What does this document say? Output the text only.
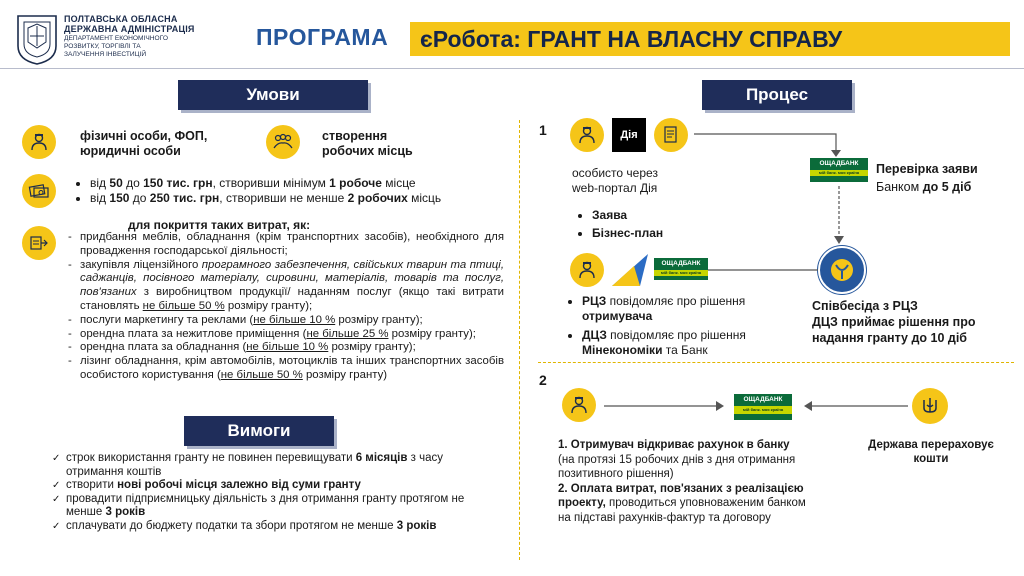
ПОЛТАВСЬКА ОБЛАСНА
ДЕРЖАВНА АДМІНІСТРАЦІЯ
ДЕПАРТАМЕНТ ЕКОНОМІЧНОГО
РОЗВИТКУ, ТОРГІВЛІ ТА
ЗАЛУЧЕННЯ ІНВЕСТИЦІЙ
ПРОГРАМА єРобота: ГРАНТ НА ВЛАСНУ СПРАВУ
Умови
фізичні особи, ФОП,
юридичні особи
створення
робочих місць
• від 50 до 150 тис. грн, створивши мінімум 1 робоче місце
• від 150 до 250 тис. грн, створивши не менше 2 робочих місць
для покриття таких витрат, як:
- придбання меблів, обладнання (крім транспортних засобів), необхідного для провадження господарської діяльності;
- закупівля ліцензійного програмного забезпечення, свійських тварин та птиці, саджанців, посівного матеріалу, сировини, матеріалів, товарів та послуг, пов'язаних з виробництвом продукції/ наданням послуг (якщо такі витрати становлять не більше 50 % розміру гранту);
- послуги маркетингу та реклами (не більше 10 % розміру гранту);
- орендна плата за нежитлове приміщення (не більше 25 % розміру гранту);
- орендна плата за обладнання (не більше 10 % розміру гранту);
- лізинг обладнання, крім автомобілів, мотоциклів та інших транспортних засобів особистого користування (не більше 50 % розміру гранту)
Вимоги
✓ строк використання гранту не повинен перевищувати 6 місяців з часу отримання коштів
✓ створити нові робочі місця залежно від суми гранту
✓ провадити підприємницьку діяльність з дня отримання гранту протягом не менше 3 років
✓ сплачувати до бюджету податки та збори протягом не менше 3 років
Процес
1	Дія
особисто через
web-портал Дія
• Заява
• Бізнес-план
ОЩАДБАНК
мій банк. моя країна	Перевірка заяви
Банком до 5 діб
ОЩАДБАНК
мій банк. моя країна
• РЦЗ повідомляє про рішення отримувача
• ДЦЗ повідомляє про рішення Мінекономіки та Банк
Співбесіда з РЦЗ
ДЦЗ приймає рішення про
надання гранту до 10 діб
2
ОЩАДБАНК
мій банк. моя країна
1. Отримувач відкриває рахунок в банку
(на протязі 15 робочих днів з дня отримання позитивного рішення)
2. Оплата витрат, пов'язаних з реалізацією проекту, проводиться уповноваженим банком на підставі рахунків-фактур та договору
Держава перераховує
кошти
